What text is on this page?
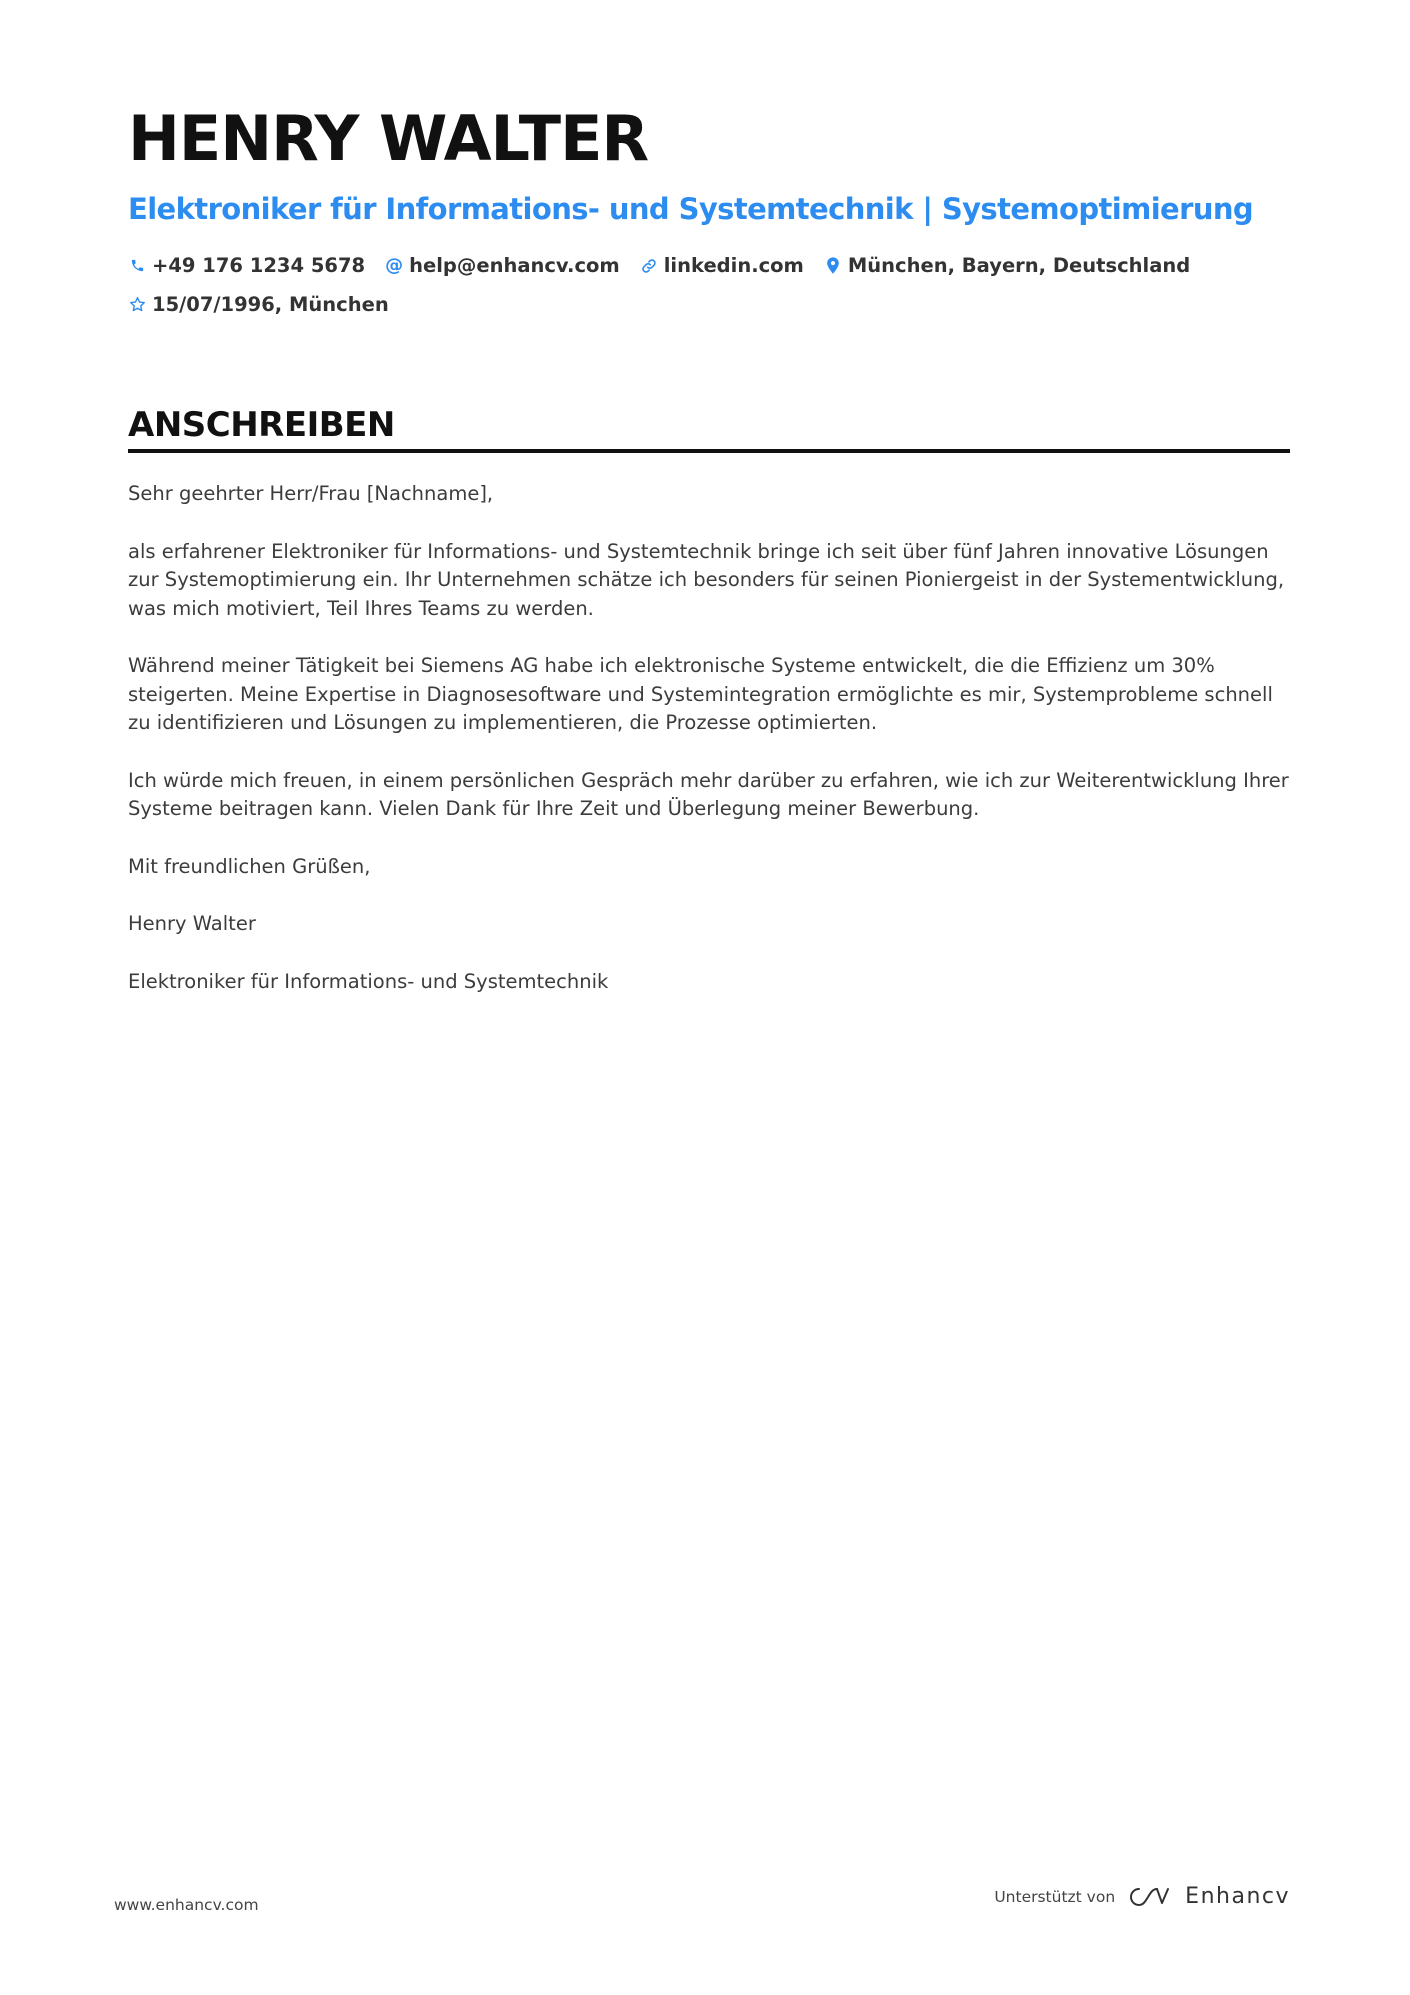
HENRY WALTER
Elektroniker für Informations- und Systemtechnik | Systemoptimierung
+49 176 1234 5678 @ help@enhancv.com linkedin.com München, Bayern, Deutschland
15/07/1996, München
ANSCHREIBEN

Sehr geehrter Herr/Frau [Nachname],

als erfahrener Elektroniker für Informations- und Systemtechnik bringe ich seit über fünf Jahren innovative Lösungen zur Systemoptimierung ein. Ihr Unternehmen schätze ich besonders für seinen Pioniergeist in der Systementwicklung, was mich motiviert, Teil Ihres Teams zu werden.

Während meiner Tätigkeit bei Siemens AG habe ich elektronische Systeme entwickelt, die die Effizienz um 30% steigerten. Meine Expertise in Diagnosesoftware und Systemintegration ermöglichte es mir, Systemprobleme schnell zu identifizieren und Lösungen zu implementieren, die Prozesse optimierten.

Ich würde mich freuen, in einem persönlichen Gespräch mehr darüber zu erfahren, wie ich zur Weiterentwicklung Ihrer Systeme beitragen kann. Vielen Dank für Ihre Zeit und Überlegung meiner Bewerbung.

Mit freundlichen Grüßen,

Henry Walter

Elektroniker für Informations- und Systemtechnik

www.enhancv.com	Unterstützt von	Enhancv
